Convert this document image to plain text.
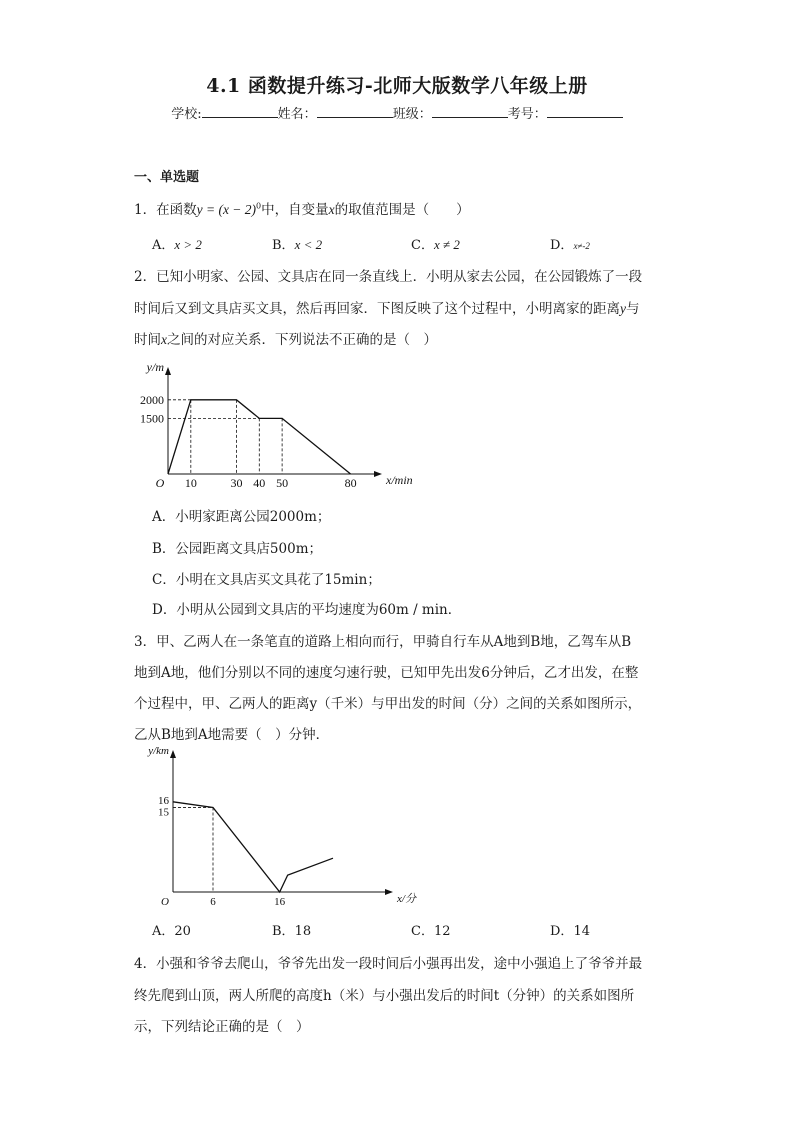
4.1 函数提升练习-北师大版数学八年级上册
学校:	姓名：	班级：	考号：
一、单选题
1．在函数$y = (x - 2)^0$中，自变量x的取值范围是（　　）
A．x > 2	B．x < 2	C．x ≠ 2	D．x≠-2
2．已知小明家、公园、文具店在同一条直线上．小明从家去公园，在公园锻炼了一段
时间后又到文具店买文具，然后再回家．下图反映了这个过程中，小明离家的距离y与
时间x之间的对应关系．下列说法不正确的是（　）
O	x/min
y/m
1500
2000
10	30 40 50	80
A．小明家距离公园2000m；
B．公园距离文具店500m；
C．小明在文具店买文具花了15min；
D．小明从公园到文具店的平均速度为60m / min．
3．甲、乙两人在一条笔直的道路上相向而行，甲骑自行车从A地到B地，乙驾车从B
地到A地，他们分别以不同的速度匀速行驶，已知甲先出发6分钟后，乙才出发，在整
个过程中，甲、乙两人的距离y（千米）与甲出发的时间（分）之间的关系如图所示，
乙从B地到A地需要（　）分钟．
O	x/分
y/km
15
16
6	16
A．20	B．18	C．12	D．14
4．小强和爷爷去爬山，爷爷先出发一段时间后小强再出发，途中小强追上了爷爷并最
终先爬到山顶，两人所爬的高度h（米）与小强出发后的时间t（分钟）的关系如图所
示，下列结论正确的是（　）
